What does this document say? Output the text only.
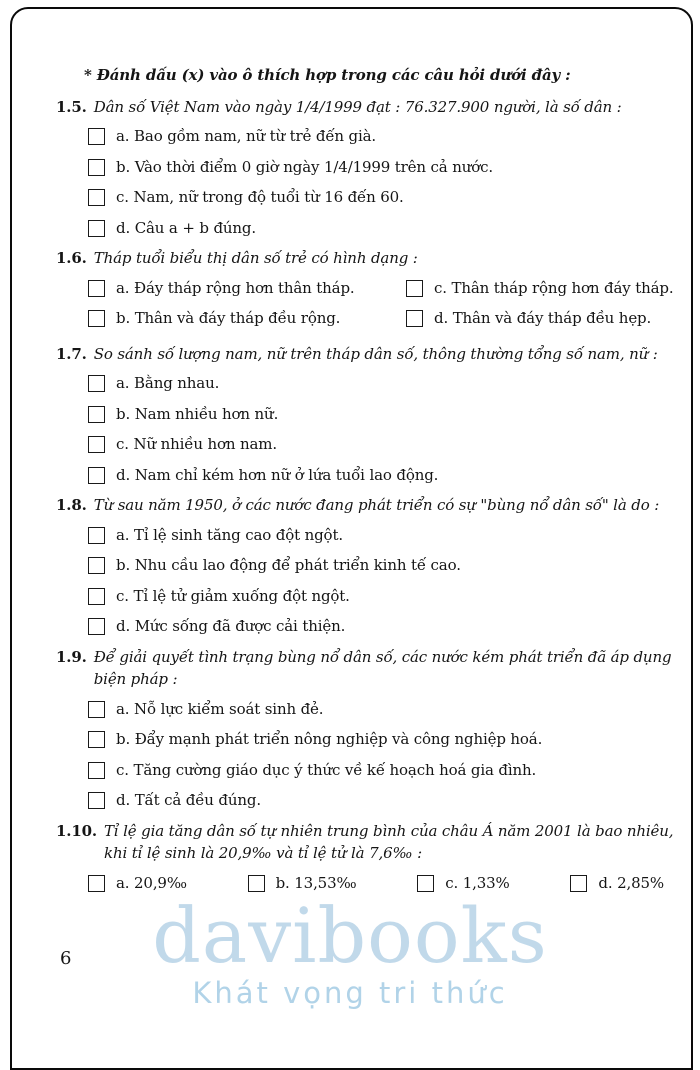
* Đánh dấu (x) vào ô thích hợp trong các câu hỏi dưới đây :
1.5. Dân số Việt Nam vào ngày 1/4/1999 đạt : 76.327.900 người, là số dân :
a. Bao gồm nam, nữ từ trẻ đến già.
b. Vào thời điểm 0 giờ ngày 1/4/1999 trên cả nước.
c. Nam, nữ trong độ tuổi từ 16 đến 60.
d. Câu a + b đúng.
1.6. Tháp tuổi biểu thị dân số trẻ có hình dạng :
a. Đáy tháp rộng hơn thân tháp.	c. Thân tháp rộng hơn đáy tháp.
b. Thân và đáy tháp đều rộng.	d. Thân và đáy tháp đều hẹp.
1.7. So sánh số lượng nam, nữ trên tháp dân số, thông thường tổng số nam, nữ :
a. Bằng nhau.
b. Nam nhiều hơn nữ.
c. Nữ nhiều hơn nam.
d. Nam chỉ kém hơn nữ ở lứa tuổi lao động.
1.8. Từ sau năm 1950, ở các nước đang phát triển có sự "bùng nổ dân số" là do :
a. Tỉ lệ sinh tăng cao đột ngột.
b. Nhu cầu lao động để phát triển kinh tế cao.
c. Tỉ lệ tử giảm xuống đột ngột.
d. Mức sống đã được cải thiện.
1.9. Để giải quyết tình trạng bùng nổ dân số, các nước kém phát triển đã áp dụng biện pháp :
a. Nỗ lực kiểm soát sinh đẻ.
b. Đẩy mạnh phát triển nông nghiệp và công nghiệp hoá.
c. Tăng cường giáo dục ý thức về kế hoạch hoá gia đình.
d. Tất cả đều đúng.
1.10. Tỉ lệ gia tăng dân số tự nhiên trung bình của châu Á năm 2001 là bao nhiêu, khi tỉ lệ sinh là 20,9‰ và tỉ lệ tử là 7,6‰ :
a. 20,9‰	b. 13,53‰	c. 1,33%	d. 2,85%
davibooks
Khát vọng tri thức
6
